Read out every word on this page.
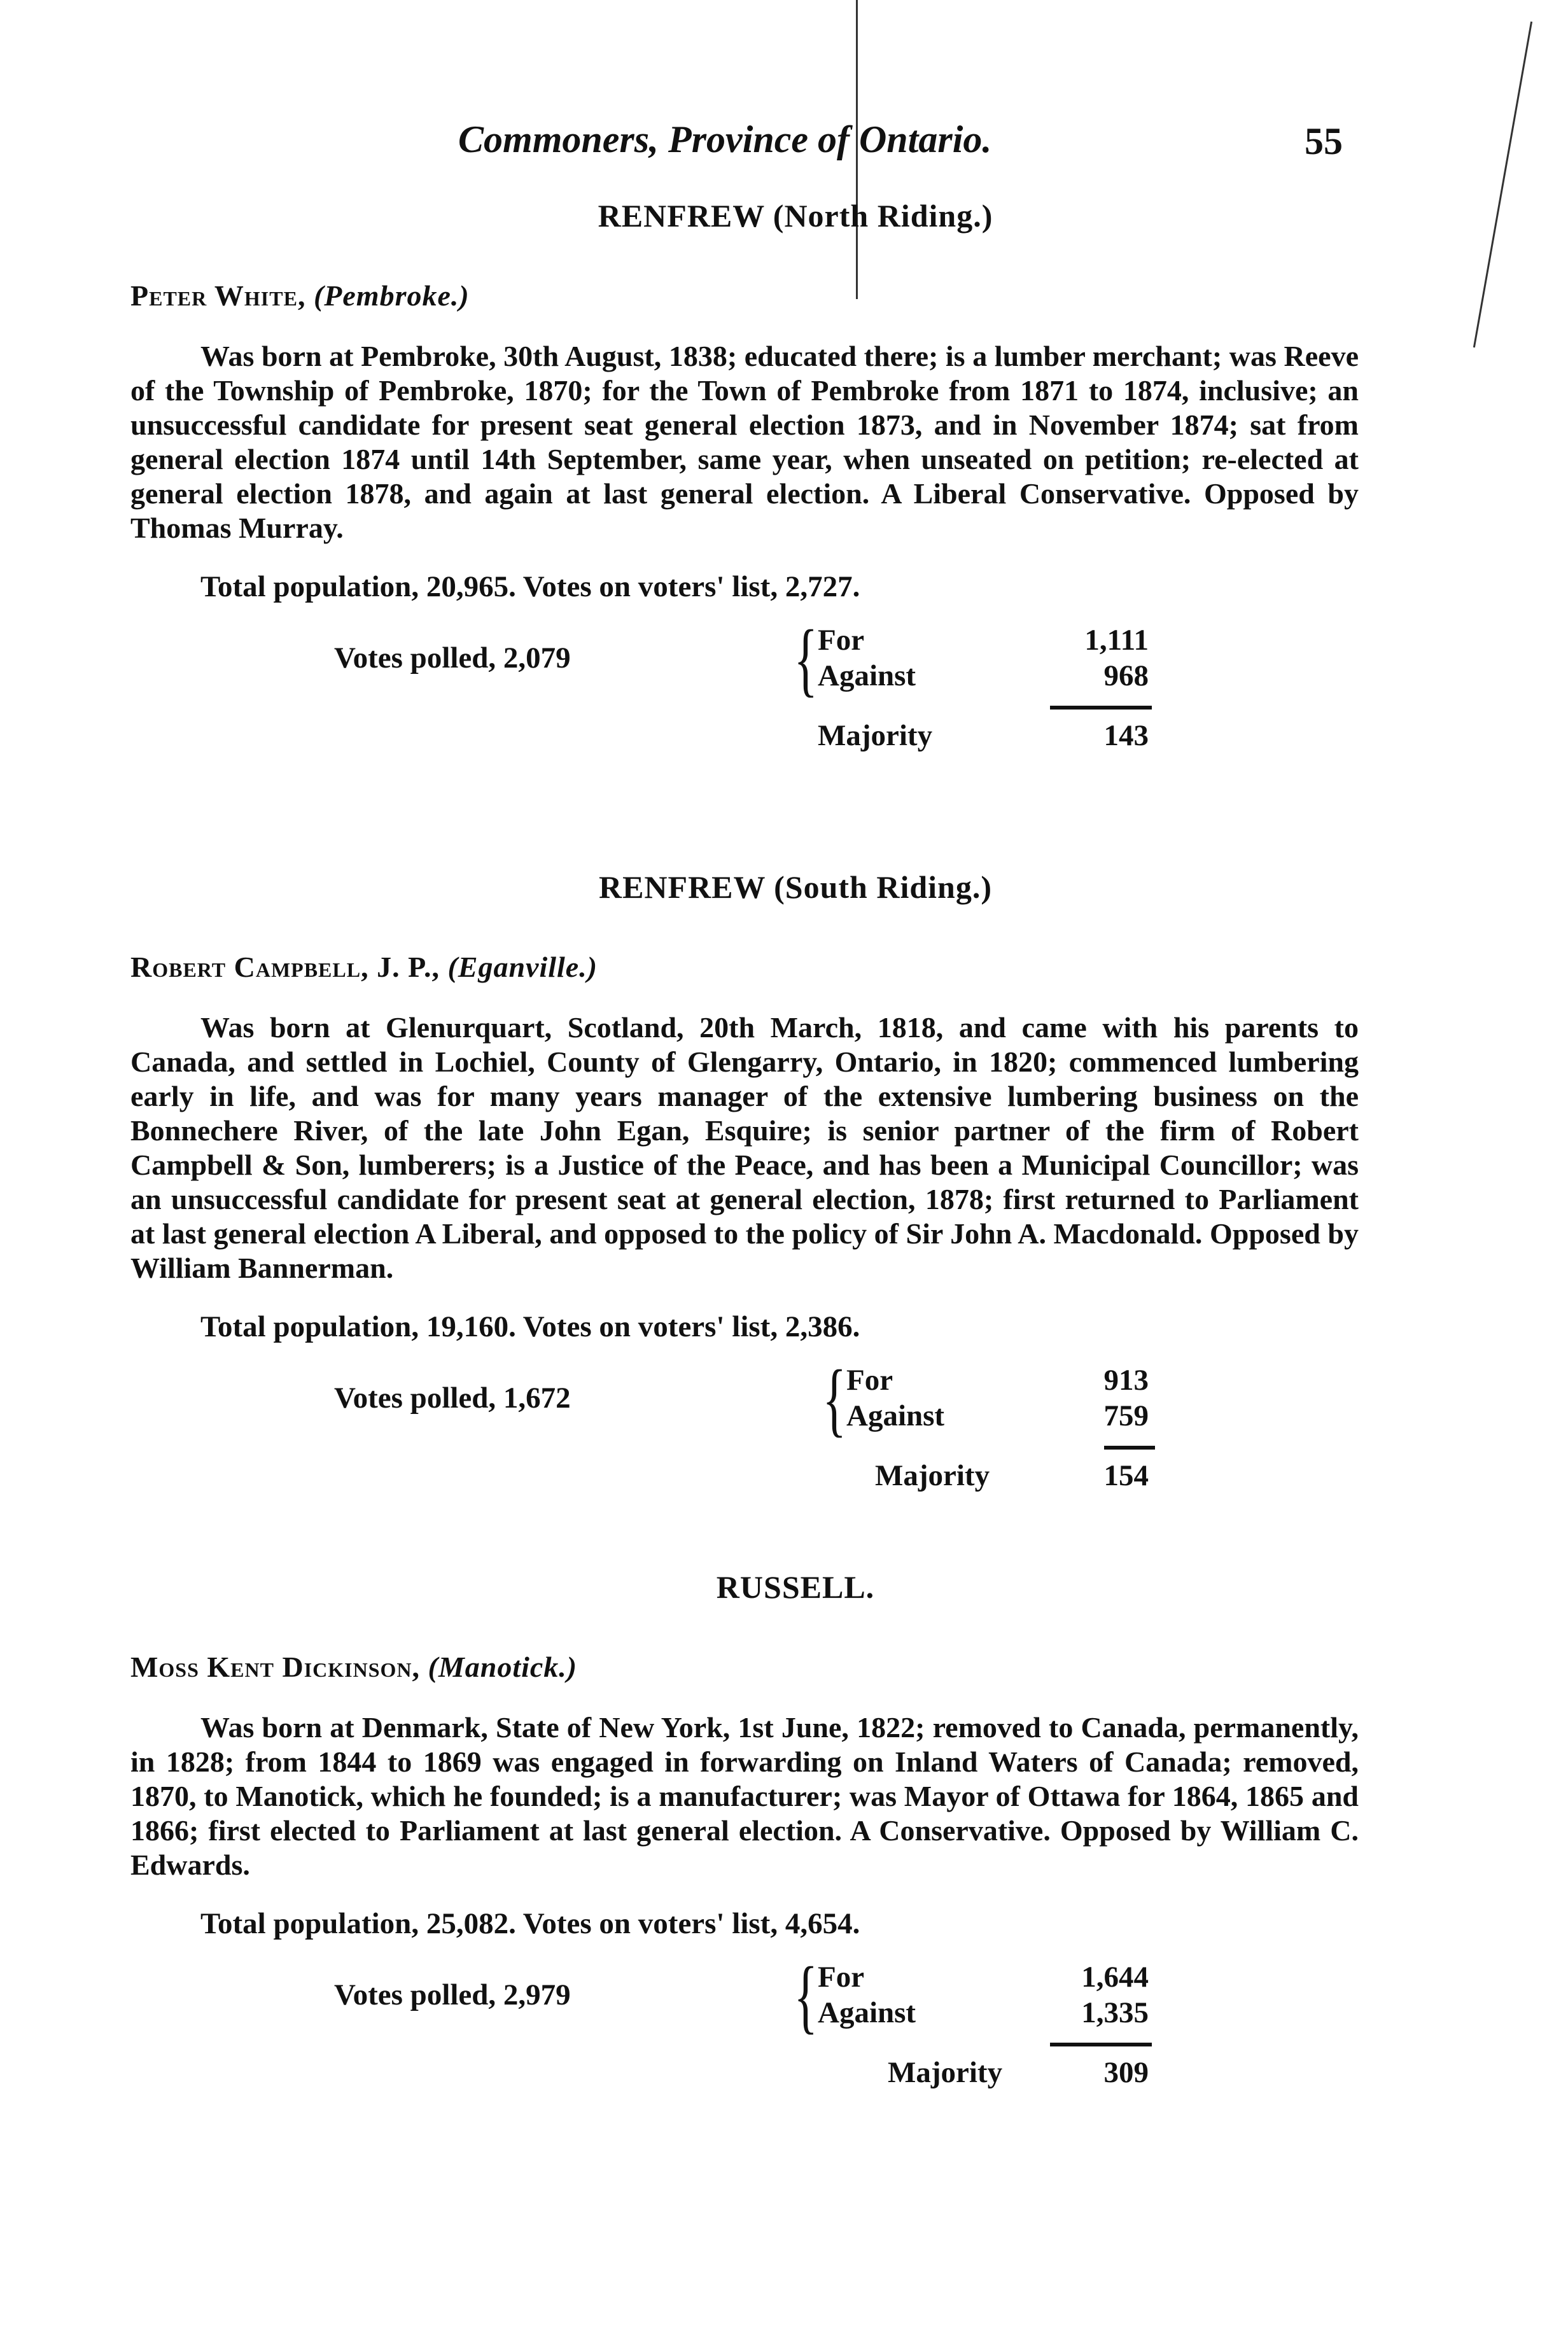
Commoners, Province of Ontario.	55
RENFREW (North Riding.)
Peter White, (Pembroke.)
Was born at Pembroke, 30th August, 1838; educated there; is a lumber merchant; was Reeve of the Township of Pembroke, 1870; for the Town of Pembroke from 1871 to 1874, inclusive; an unsuccessful candidate for present seat general election 1873, and in November 1874; sat from general election 1874 until 14th September, same year, when unseated on petition; re-elected at general election 1878, and again at last general election. A Liberal Conservative. Opposed by Thomas Murray.
Total population, 20,965. Votes on voters' list, 2,727.
Votes polled, 2,079	{ For	1,111
Against	968
Majority	143
RENFREW (South Riding.)
Robert Campbell, J. P., (Eganville.)
Was born at Glenurquart, Scotland, 20th March, 1818, and came with his parents to Canada, and settled in Lochiel, County of Glengarry, Ontario, in 1820; commenced lumbering early in life, and was for many years manager of the extensive lumbering business on the Bonnechere River, of the late John Egan, Esquire; is senior partner of the firm of Robert Campbell & Son, lumberers; is a Justice of the Peace, and has been a Municipal Councillor; was an unsuccessful candidate for present seat at general election, 1878; first returned to Parliament at last general election A Liberal, and opposed to the policy of Sir John A. Macdonald. Opposed by William Bannerman.
Total population, 19,160. Votes on voters' list, 2,386.
Votes polled, 1,672	{ For	913
Against	759
Majority	154
RUSSELL.
Moss Kent Dickinson, (Manotick.)
Was born at Denmark, State of New York, 1st June, 1822; removed to Canada, permanently, in 1828; from 1844 to 1869 was engaged in forwarding on Inland Waters of Canada; removed, 1870, to Manotick, which he founded; is a manufacturer; was Mayor of Ottawa for 1864, 1865 and 1866; first elected to Parliament at last general election. A Conservative. Opposed by William C. Edwards.
Total population, 25,082. Votes on voters' list, 4,654.
Votes polled, 2,979	{ For	1,644
Against	1,335
Majority	309
